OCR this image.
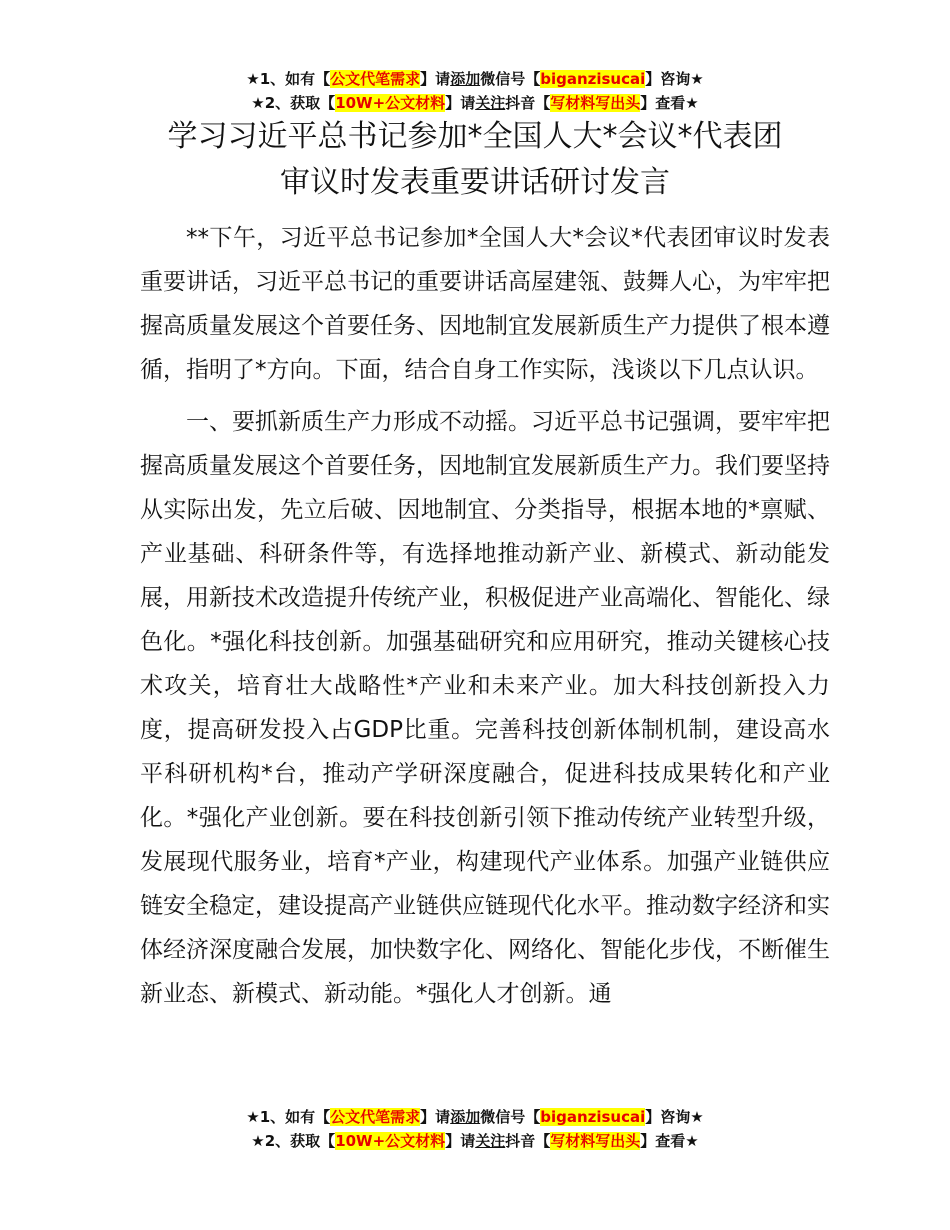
★1、如有【公文代笔需求】请添加微信号【biganzisucai】咨询★
★2、获取【10W+公文材料】请关注抖音【写材料写出头】查看★
学习习近平总书记参加*全国人大*会议*代表团
审议时发表重要讲话研讨发言

**下午，习近平总书记参加*全国人大*会议*代表团审议时发表重要讲话，习近平总书记的重要讲话高屋建瓴、鼓舞人心，为牢牢把握高质量发展这个首要任务、因地制宜发展新质生产力提供了根本遵循，指明了*方向。下面，结合自身工作实际，浅谈以下几点认识。

一、要抓新质生产力形成不动摇。习近平总书记强调，要牢牢把握高质量发展这个首要任务，因地制宜发展新质生产力。我们要坚持从实际出发，先立后破、因地制宜、分类指导，根据本地的*禀赋、产业基础、科研条件等，有选择地推动新产业、新模式、新动能发展，用新技术改造提升传统产业，积极促进产业高端化、智能化、绿色化。*强化科技创新。加强基础研究和应用研究，推动关键核心技术攻关，培育壮大战略性*产业和未来产业。加大科技创新投入力度，提高研发投入占GDP比重。完善科技创新体制机制，建设高水平科研机构*台，推动产学研深度融合，促进科技成果转化和产业化。*强化产业创新。要在科技创新引领下推动传统产业转型升级，发展现代服务业，培育*产业，构建现代产业体系。加强产业链供应链安全稳定，建设提高产业链供应链现代化水平。推动数字经济和实体经济深度融合发展，加快数字化、网络化、智能化步伐，不断催生新业态、新模式、新动能。*强化人才创新。通

★1、如有【公文代笔需求】请添加微信号【biganzisucai】咨询★
★2、获取【10W+公文材料】请关注抖音【写材料写出头】查看★
